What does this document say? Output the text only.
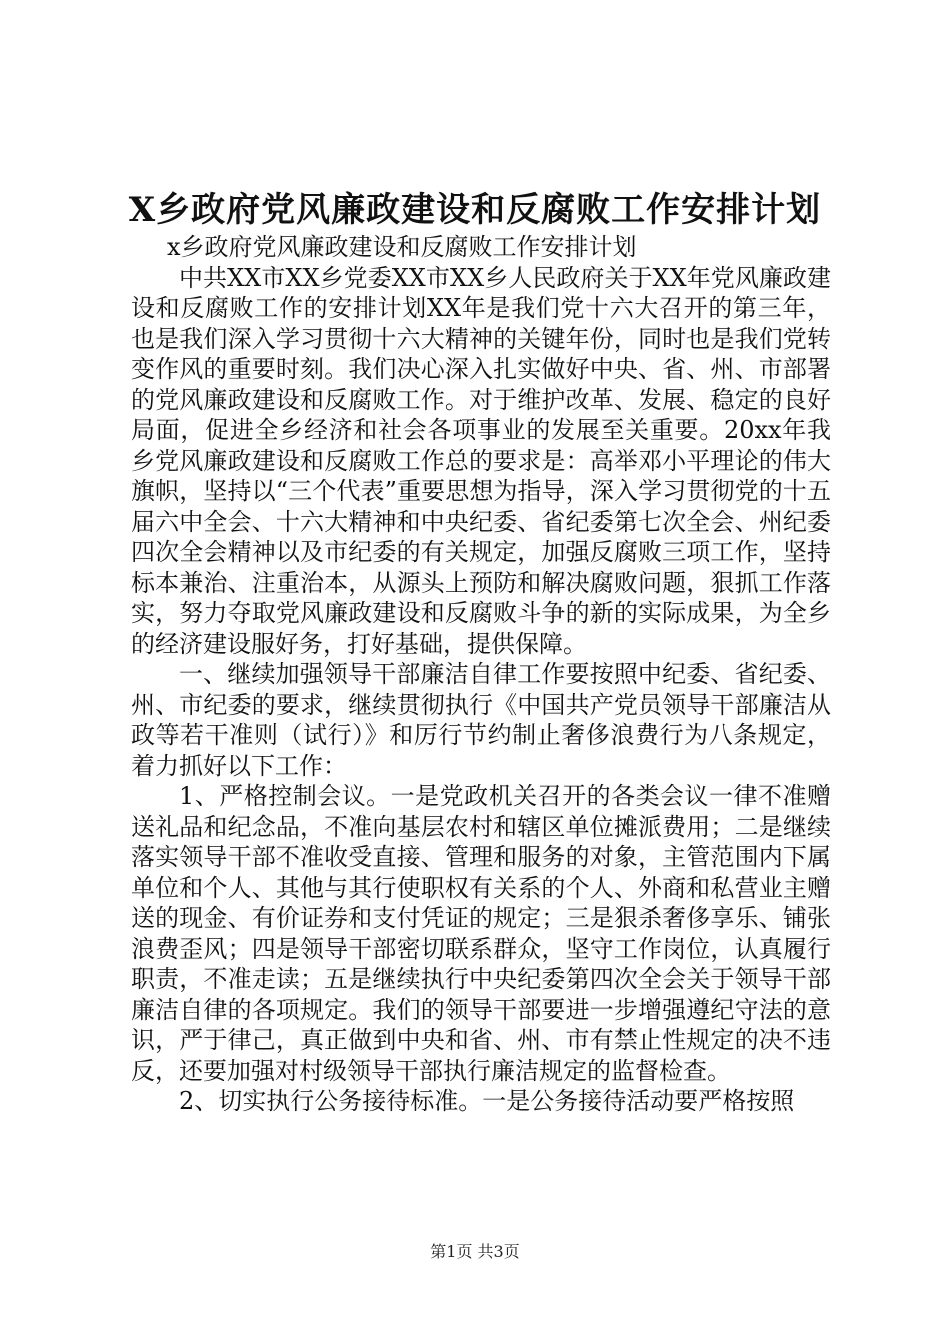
X乡政府党风廉政建设和反腐败工作安排计划

x乡政府党风廉政建设和反腐败工作安排计划

中共XX市XX乡党委XX市XX乡人民政府关于XX年党风廉政建设和反腐败工作的安排计划XX年是我们党十六大召开的第三年，也是我们深入学习贯彻十六大精神的关键年份，同时也是我们党转变作风的重要时刻。我们决心深入扎实做好中央、省、州、市部署的党风廉政建设和反腐败工作。对于维护改革、发展、稳定的良好局面，促进全乡经济和社会各项事业的发展至关重要。20xx年我乡党风廉政建设和反腐败工作总的要求是：高举邓小平理论的伟大旗帜，坚持以“三个代表”重要思想为指导，深入学习贯彻党的十五届六中全会、十六大精神和中央纪委、省纪委第七次全会、州纪委四次全会精神以及市纪委的有关规定，加强反腐败三项工作，坚持标本兼治、注重治本，从源头上预防和解决腐败问题，狠抓工作落实，努力夺取党风廉政建设和反腐败斗争的新的实际成果，为全乡的经济建设服好务，打好基础，提供保障。

一、继续加强领导干部廉洁自律工作要按照中纪委、省纪委、州、市纪委的要求，继续贯彻执行《中国共产党员领导干部廉洁从政等若干准则（试行）》和厉行节约制止奢侈浪费行为八条规定，着力抓好以下工作：

1、严格控制会议。一是党政机关召开的各类会议一律不准赠送礼品和纪念品，不准向基层农村和辖区单位摊派费用；二是继续落实领导干部不准收受直接、管理和服务的对象，主管范围内下属单位和个人、其他与其行使职权有关系的个人、外商和私营业主赠送的现金、有价证券和支付凭证的规定；三是狠杀奢侈享乐、铺张浪费歪风；四是领导干部密切联系群众，坚守工作岗位，认真履行职责，不准走读；五是继续执行中央纪委第四次全会关于领导干部廉洁自律的各项规定。我们的领导干部要进一步增强遵纪守法的意识，严于律己，真正做到中央和省、州、市有禁止性规定的决不违反，还要加强对村级领导干部执行廉洁规定的监督检查。

2、切实执行公务接待标准。一是公务接待活动要严格按照

第1页 共3页
